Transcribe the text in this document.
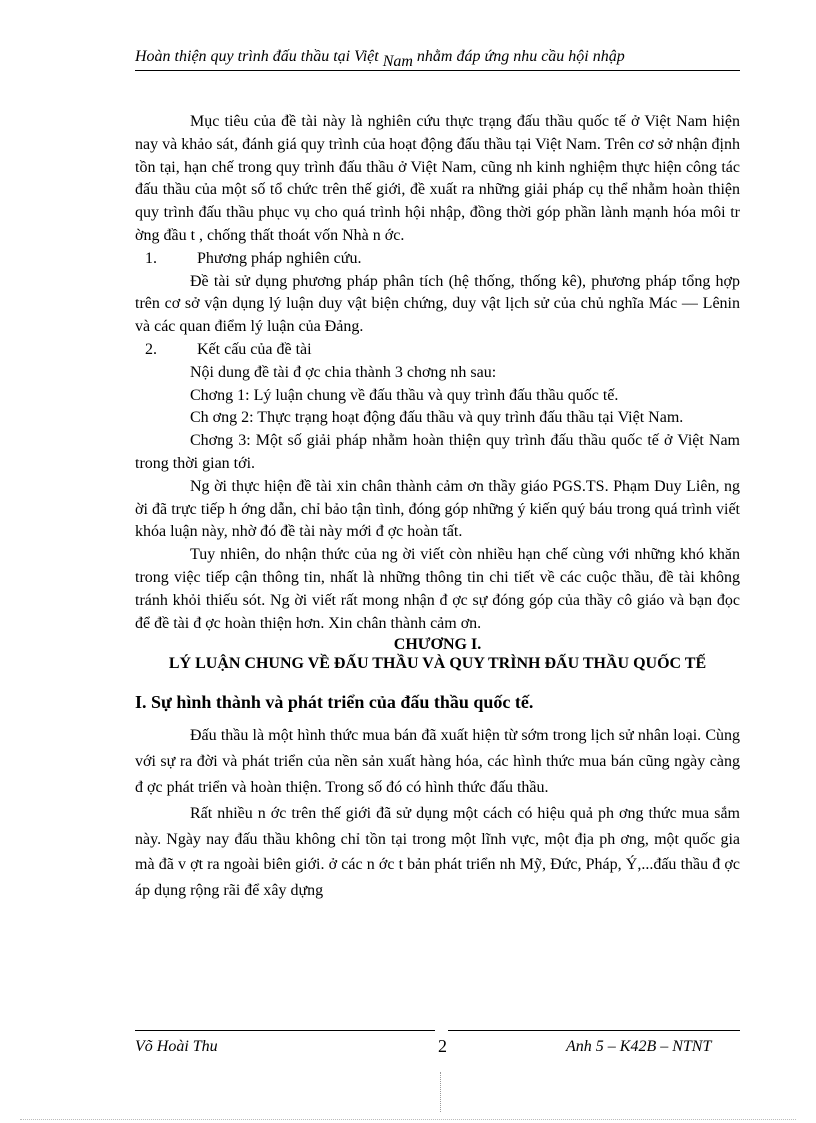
Hoàn thiện quy trình đấu thầu tại Việt Nam nhằm đáp ứng nhu cầu hội nhập

Mục tiêu của đề tài này là nghiên cứu thực trạng đấu thầu quốc tế ở Việt Nam hiện nay và khảo sát, đánh giá quy trình của hoạt động đấu thầu tại Việt Nam. Trên cơ sở nhận định tồn tại, hạn chế trong quy trình đấu thầu ở Việt Nam, cũng nh kinh nghiệm thực hiện công tác đấu thầu của một số tổ chức trên thế giới, đề xuất ra những giải pháp cụ thể nhằm hoàn thiện quy trình đấu thầu phục vụ cho quá trình hội nhập, đồng thời góp phần lành mạnh hóa môi tr ờng đầu t , chống thất thoát vốn Nhà n ớc.

1.	Phương pháp nghiên cứu.

Đề tài sử dụng phương pháp phân tích (hệ thống, thống kê), phương pháp tổng hợp trên cơ sở vận dụng lý luận duy vật biện chứng, duy vật lịch sử của chủ nghĩa Mác — Lênin và các quan điểm lý luận của Đảng.

2.	Kết cấu của đề tài

Nội dung đề tài đ ợc chia thành 3 chơng nh sau:

Chơng 1: Lý luận chung về đấu thầu và quy trình đấu thầu quốc tế.

Ch ơng 2: Thực trạng hoạt động đấu thầu và quy trình đấu thầu tại Việt Nam.

Chơng 3: Một số giải pháp nhằm hoàn thiện quy trình đấu thầu quốc tế ở Việt Nam trong thời gian tới.

Ng ời thực hiện đề tài xin chân thành cảm ơn thầy giáo PGS.TS. Phạm Duy Liên, ng ời đã trực tiếp h ớng dẫn, chỉ bảo tận tình, đóng góp những ý kiến quý báu trong quá trình viết khóa luận này, nhờ đó đề tài này mới đ ợc hoàn tất.

Tuy nhiên, do nhận thức của ng ời viết còn nhiều hạn chế cùng với những khó khăn trong việc tiếp cận thông tin, nhất là những thông tin chi tiết về các cuộc thầu, đề tài không tránh khỏi thiếu sót. Ng ời viết rất mong nhận đ ợc sự đóng góp của thầy cô giáo và bạn đọc để đề tài đ ợc hoàn thiện hơn. Xin chân thành cảm ơn.

CHƯƠNG I.

LÝ LUẬN CHUNG VỀ ĐẤU THẦU VÀ QUY TRÌNH ĐẤU THẦU QUỐC TẾ

I. Sự hình thành và phát triển của đấu thầu quốc tế.

Đấu thầu là một hình thức mua bán đã xuất hiện từ sớm trong lịch sử nhân loại. Cùng với sự ra đời và phát triển của nền sản xuất hàng hóa, các hình thức mua bán cũng ngày càng đ ợc phát triển và hoàn thiện. Trong số đó có hình thức đấu thầu.

Rất nhiều n ớc trên thế giới đã sử dụng một cách có hiệu quả ph ơng thức mua sắm này. Ngày nay đấu thầu không chỉ tồn tại trong một lĩnh vực, một địa ph ơng, một quốc gia mà đã v ợt ra ngoài biên giới. ở các n ớc t bản phát triển nh Mỹ, Đức, Pháp, Ý,...đấu thầu đ ợc áp dụng rộng rãi để xây dựng

Võ Hoài Thu	2	Anh 5 – K42B – NTNT
